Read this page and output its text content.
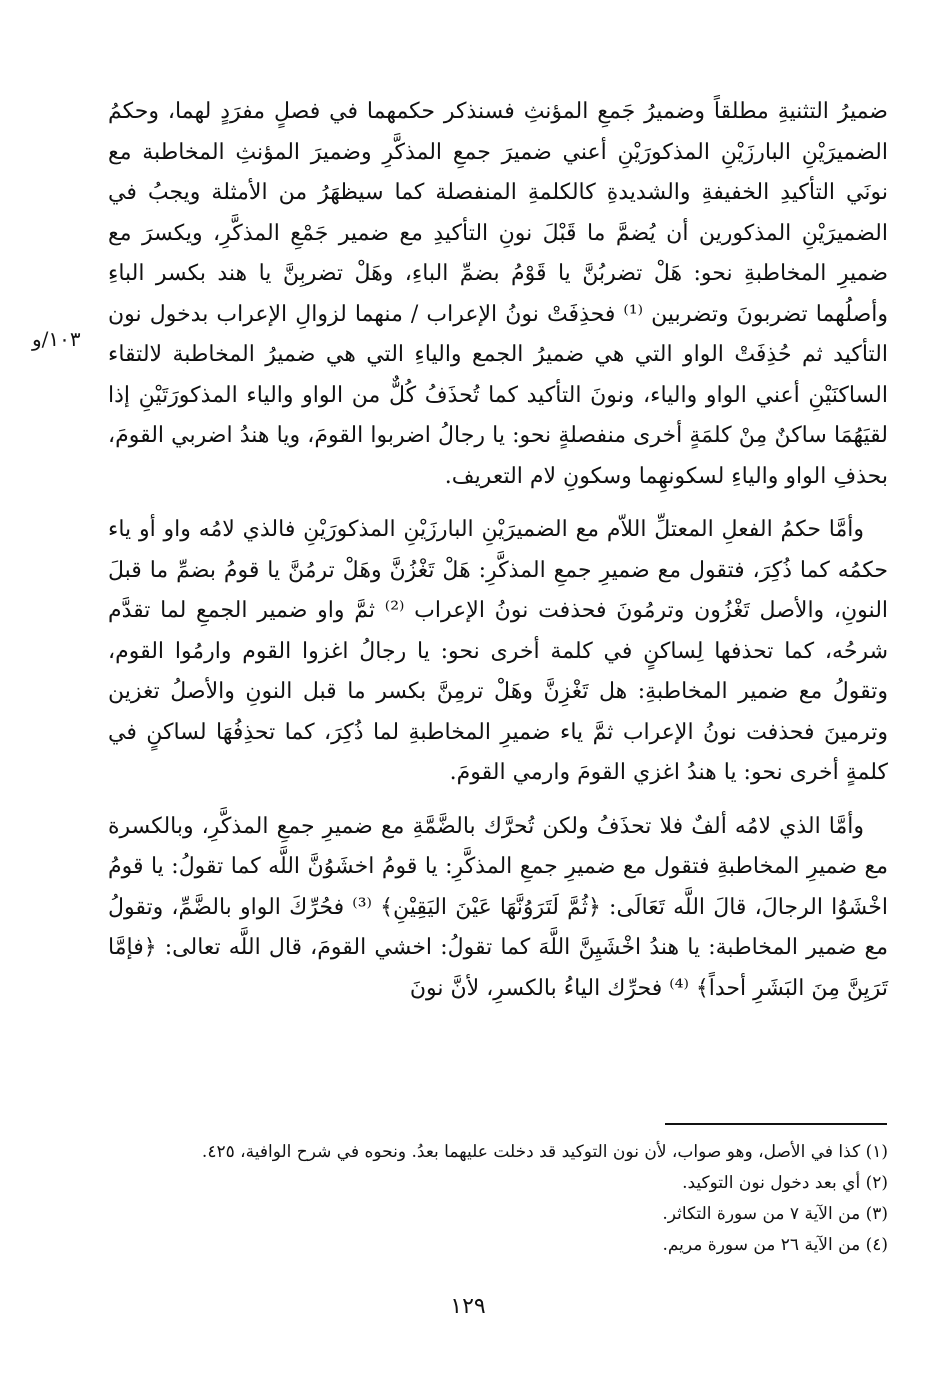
١٠٣/و

ضميرُ التثنيةِ مطلقاً وضميرُ جَمعِ المؤنثِ فسنذكر حكمهما في فصلٍ مفرَدٍ لهما، وحكمُ الضميرَيْنِ البارزَيْنِ المذكورَيْنِ أعني ضميرَ جمعِ المذكَّرِ وضميرَ المؤنثِ المخاطبة مع نونَي التأكيدِ الخفيفةِ والشديدةِ كالكلمةِ المنفصلة كما سيظهَرُ من الأمثلة ويجبُ في الضميرَيْنِ المذكورين أن يُضمَّ ما قَبْلَ نونِ التأكيدِ مع ضمير جَمْعِ المذكَّرِ، ويكسرَ مع ضميرِ المخاطبةِ نحو: هَلْ تضربُنَّ يا قَوْمُ بضمِّ الباءِ، وهَلْ تضربِنَّ يا هند بكسر الباءِ وأصلُهما تضربونَ وتضربين ⁽¹⁾ فحذِفَتْ نونُ الإعراب / منهما لزوالِ الإعراب بدخول نون التأكيد ثم حُذِفَتْ الواو التي هي ضميرُ الجمع والياءِ التي هي ضميرُ المخاطبة لالتقاء الساكنَيْنِ أعني الواو والياء، ونونَ التأكيد كما تُحذَفُ كُلٌّ من الواو والياء المذكورَتَيْنِ إذا لقيَهُمَا ساكنٌ مِنْ كلمَةٍ أخرى منفصلةٍ نحو: يا رجالُ اضربوا القومَ، ويا هندُ اضربي القومَ، بحذفِ الواو والياءِ لسكونهِما وسكونِ لام التعريف.

وأمَّا حكمُ الفعلِ المعتلِّ اللاّم مع الضميرَيْنِ البارزَيْنِ المذكورَيْنِ فالذي لامُه واو أو ياء حكمُه كما ذُكِرَ، فتقول مع ضميرِ جمعِ المذكَّرِ: هَلْ تَغْزُنَّ وهَلْ ترمُنَّ يا قومُ بضمِّ ما قبلَ النونِ، والأصل تَغْزُون وترمُونَ فحذفت نونُ الإعراب ⁽²⁾ ثمَّ واو ضمير الجمعِ لما تقدَّم شرحُه، كما تحذفها لِساكنٍ في كلمة أخرى نحو: يا رجالُ اغزوا القوم وارمُوا القوم، وتقولُ مع ضمير المخاطبةِ: هل تَغْزِنَّ وهَلْ ترمِنَّ بكسر ما قبل النونِ والأصلُ تغزين وترمينَ فحذفت نونُ الإعراب ثمَّ ياء ضميرِ المخاطبةِ لما ذُكِرَ، كما تحذِفُهَا لساكنٍ في كلمةٍ أخرى نحو: يا هندُ اغزي القومَ وارمي القومَ.

وأمَّا الذي لامُه ألفٌ فلا تحذَفُ ولكن تُحرَّك بالضَّمَّةِ مع ضميرِ جمعِ المذكَّرِ، وبالكسرة مع ضميرِ المخاطبةِ فتقول مع ضميرِ جمعِ المذكَّرِ: يا قومُ اخشَوُنَّ اللَّه كما تقولُ: يا قومُ اخْشَوُا الرجالَ، قالَ اللَّه تَعَالَى: ﴿ثُمَّ لَتَرَوُنَّهَا عَيْنَ اليَقِيْنِ﴾ ⁽³⁾ فحُرِّكَ الواو بالضَّمِّ، وتقولُ مع ضمير المخاطبة: يا هندُ اخْشَيِنَّ اللَّهَ كما تقولُ: اخشي القومَ، قال اللَّه تعالى: ﴿فإمَّا تَرَيِنَّ مِنَ البَشَرِ أحداً﴾ ⁽⁴⁾ فحرِّك الياءُ بالكسرِ، لأنَّ نونَ

(١) كذا في الأصل، وهو صواب، لأن نون التوكيد قد دخلت عليهما بعدُ. ونحوه في شرح الوافية، ٤٢٥.
(٢) أي بعد دخول نون التوكيد.
(٣) من الآية ٧ من سورة التكاثر.
(٤) من الآية ٢٦ من سورة مريم.
١٢٩
